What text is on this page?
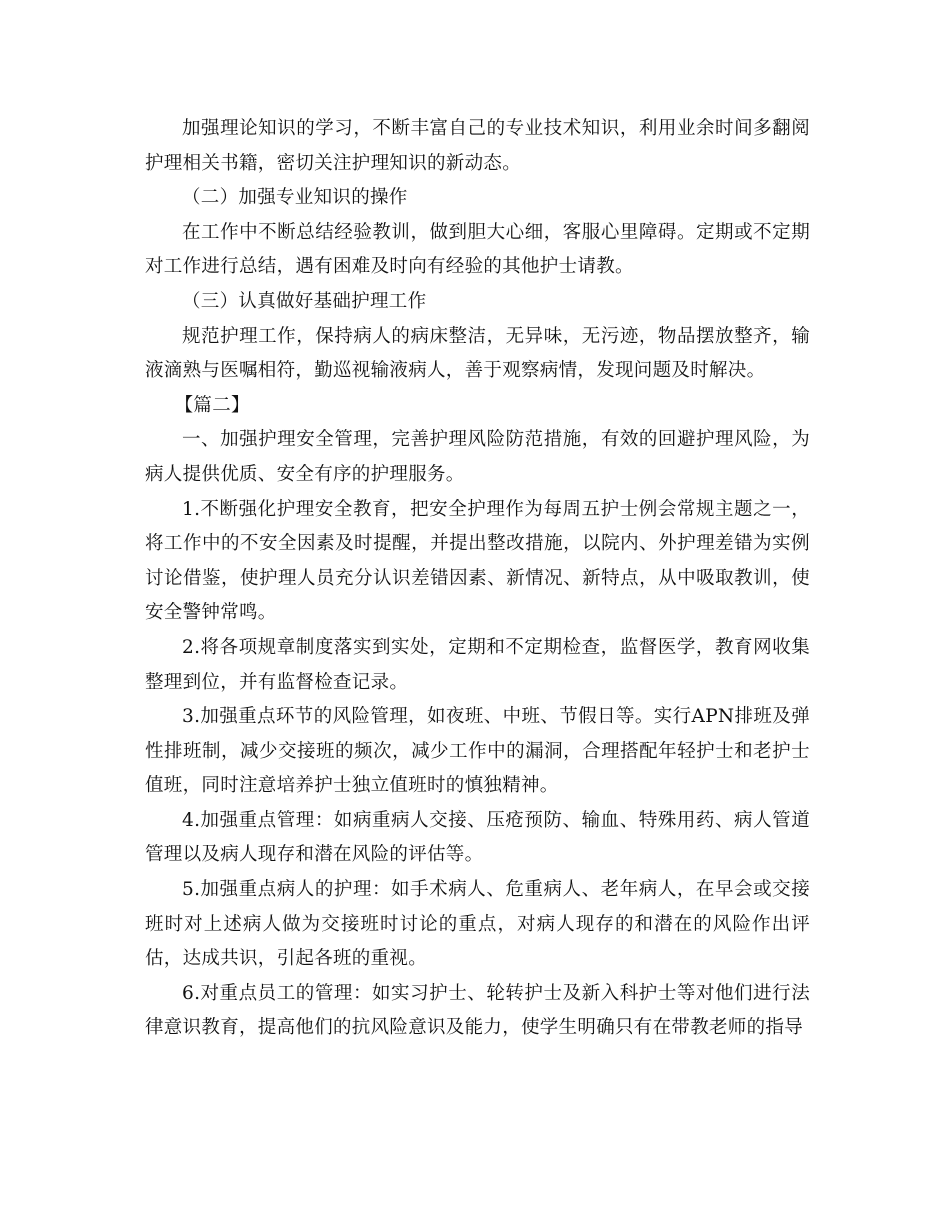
加强理论知识的学习，不断丰富自己的专业技术知识，利用业余时间多翻阅护理相关书籍，密切关注护理知识的新动态。

（二）加强专业知识的操作

在工作中不断总结经验教训，做到胆大心细，客服心里障碍。定期或不定期对工作进行总结，遇有困难及时向有经验的其他护士请教。

（三）认真做好基础护理工作

规范护理工作，保持病人的病床整洁，无异味，无污迹，物品摆放整齐，输液滴熟与医嘱相符，勤巡视输液病人，善于观察病情，发现问题及时解决。

【篇二】

一、加强护理安全管理，完善护理风险防范措施，有效的回避护理风险，为病人提供优质、安全有序的护理服务。

1.不断强化护理安全教育，把安全护理作为每周五护士例会常规主题之一，将工作中的不安全因素及时提醒，并提出整改措施，以院内、外护理差错为实例讨论借鉴，使护理人员充分认识差错因素、新情况、新特点，从中吸取教训，使安全警钟常鸣。

2.将各项规章制度落实到实处，定期和不定期检查，监督医学，教育网收集整理到位，并有监督检查记录。

3.加强重点环节的风险管理，如夜班、中班、节假日等。实行APN排班及弹性排班制，减少交接班的频次，减少工作中的漏洞，合理搭配年轻护士和老护士值班，同时注意培养护士独立值班时的慎独精神。

4.加强重点管理：如病重病人交接、压疮预防、输血、特殊用药、病人管道管理以及病人现存和潜在风险的评估等。

5.加强重点病人的护理：如手术病人、危重病人、老年病人，在早会或交接班时对上述病人做为交接班时讨论的重点，对病人现存的和潜在的风险作出评估，达成共识，引起各班的重视。

6.对重点员工的管理：如实习护士、轮转护士及新入科护士等对他们进行法律意识教育，提高他们的抗风险意识及能力，使学生明确只有在带教老师的指导
